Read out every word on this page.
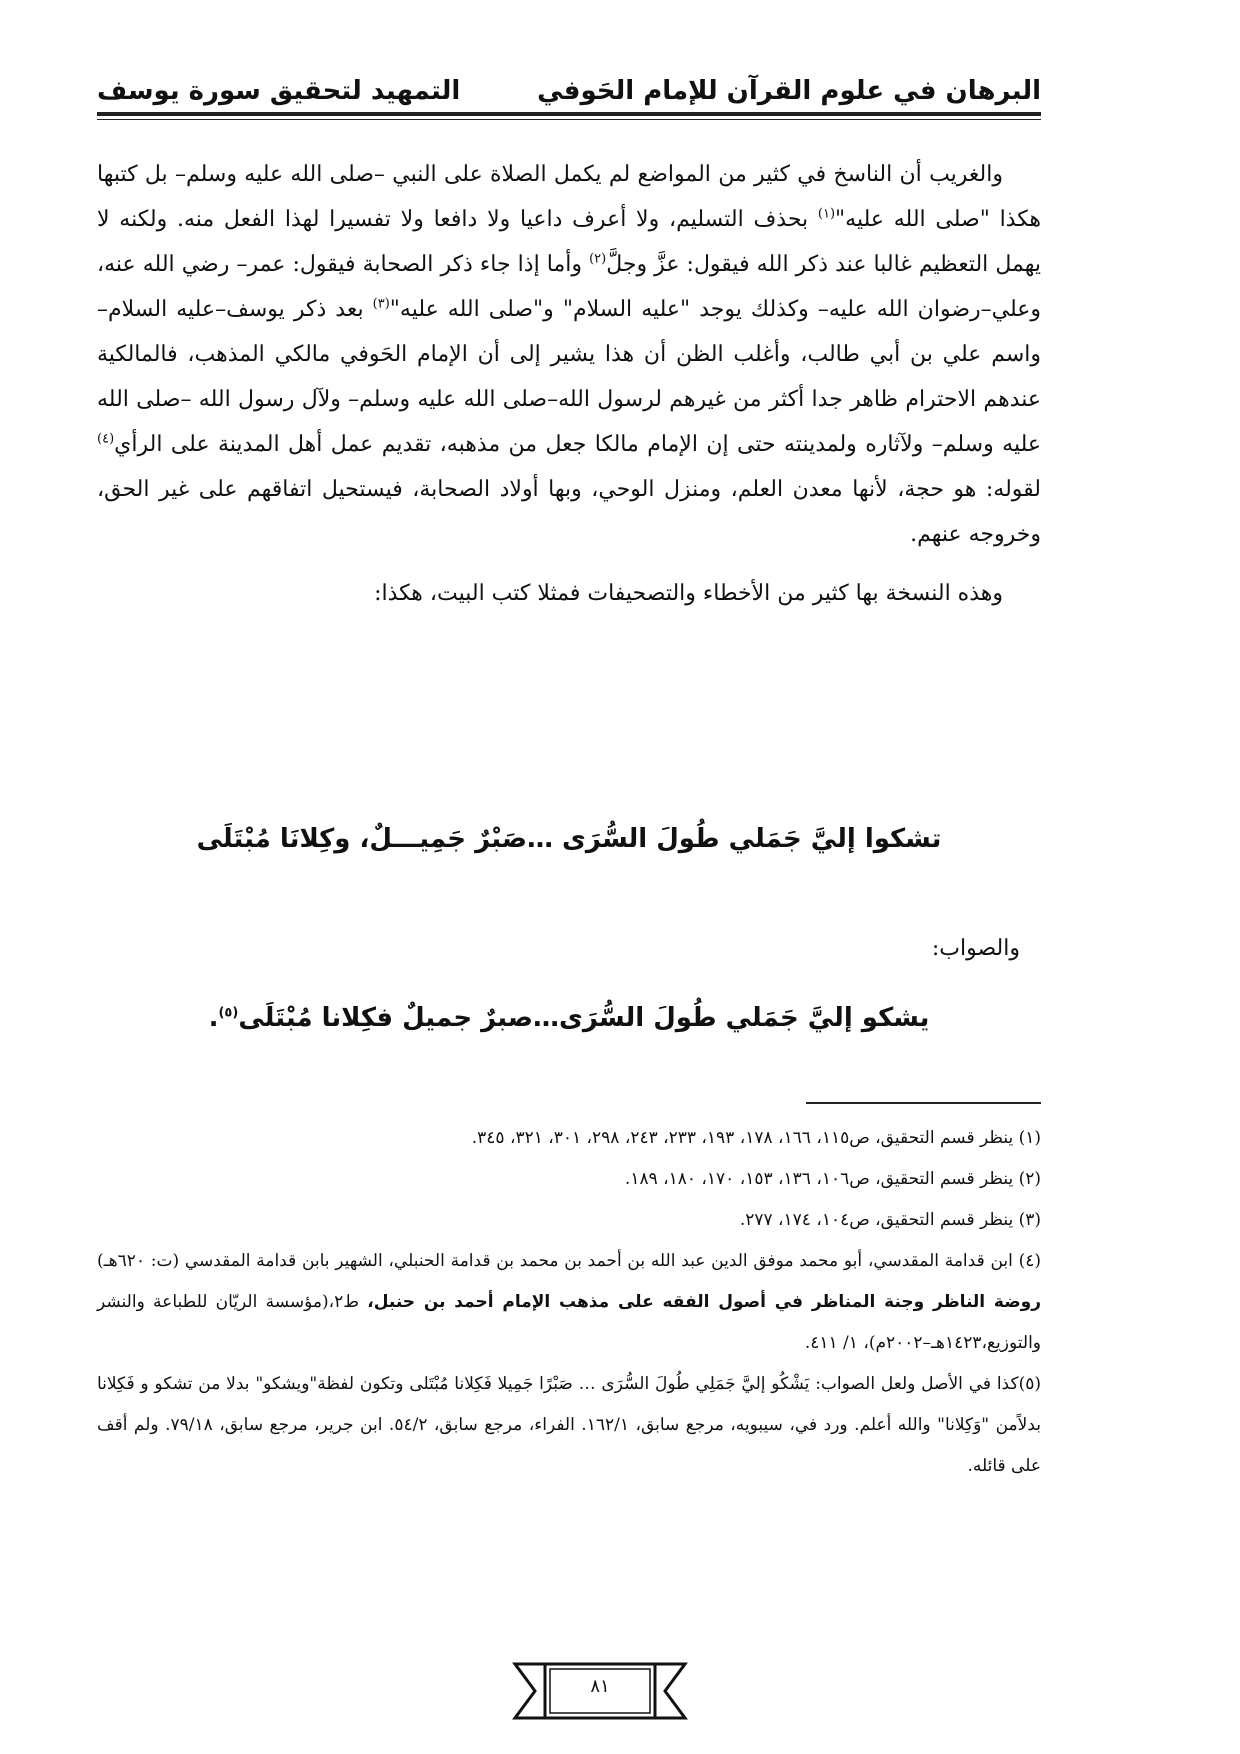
البرهان في علوم القرآن للإمام الحَوفي
التمهيد لتحقيق سورة يوسف

والغريب أن الناسخ في كثير من المواضع لم يكمل الصلاة على النبي –صلى الله عليه وسلم– بل كتبها هكذا "صلى الله عليه"$^{(١)}$ بحذف التسليم، ولا أعرف داعيا ولا دافعا ولا تفسيرا لهذا الفعل منه. ولكنه لا يهمل التعظيم غالبا عند ذكر الله فيقول: عزَّ وجلَّ$^{(٢)}$ وأما إذا جاء ذكر الصحابة فيقول: عمر– رضي الله عنه، وعلي–رضوان الله عليه– وكذلك يوجد "عليه السلام" و"صلى الله عليه"$^{(٣)}$ بعد ذكر يوسف–عليه السلام–واسم علي بن أبي طالب، وأغلب الظن أن هذا يشير إلى أن الإمام الحَوفي مالكي المذهب، فالمالكية عندهم الاحترام ظاهر جدا أكثر من غيرهم لرسول الله–صلى الله عليه وسلم– ولآل رسول الله –صلى الله عليه وسلم– ولآثاره ولمدينته حتى إن الإمام مالكا جعل من مذهبه، تقديم عمل أهل المدينة على الرأي$^{(٤)}$ لقوله: هو حجة، لأنها معدن العلم، ومنزل الوحي، وبها أولاد الصحابة، فيستحيل اتفاقهم على غير الحق، وخروجه عنهم.

وهذه النسخة بها كثير من الأخطاء والتصحيفات فمثلا كتب البيت، هكذا:

تشكوا إليَّ جَمَلي طُولَ السُّرَى …صَبْرٌ جَمِيـــلٌ، وكِلانَا مُبْتَلَى
والصواب:
يشكو إليَّ جَمَلي طُولَ السُّرَى…صبرٌ جميلٌ فكِلانا مُبْتَلَى$^{(٥)}$.

(١) ينظر قسم التحقيق، ص١١٥، ١٦٦، ١٧٨، ١٩٣، ٢٣٣، ٢٤٣، ٢٩٨، ٣٠١، ٣٢١، ٣٤٥.

(٢) ينظر قسم التحقيق، ص١٠٦، ١٣٦، ١٥٣، ١٧٠، ١٨٠، ١٨٩.

(٣) ينظر قسم التحقيق، ص١٠٤، ١٧٤، ٢٧٧.

(٤) ابن قدامة المقدسي، أبو محمد موفق الدين عبد الله بن أحمد بن محمد بن قدامة الحنبلي، الشهير بابن قدامة المقدسي (ت: ٦٢٠هـ) روضة الناظر وجنة المناظر في أصول الفقه على مذهب الإمام أحمد بن حنبل، ط٢،(مؤسسة الريّان للطباعة والنشر والتوزيع،١٤٢٣هـ–٢٠٠٢م)، ١/ ٤١١.

(٥)كذا في الأصل ولعل الصواب: يَشْكُو إليَّ جَمَلِي طُولَ السُّرَى … صَبْرًا جَمِيلا فَكِلانا مُبْتَلى وتكون لفظة"ويشكو" بدلا من تشكو و فَكِلانا بدلاًمن "وَكِلانا" والله أعلم. ورد في، سيبويه، مرجع سابق، ١٦٢/١. الفراء، مرجع سابق، ٥٤/٢. ابن جرير، مرجع سابق، ٧٩/١٨. ولم أقف على قائله.

٨١
